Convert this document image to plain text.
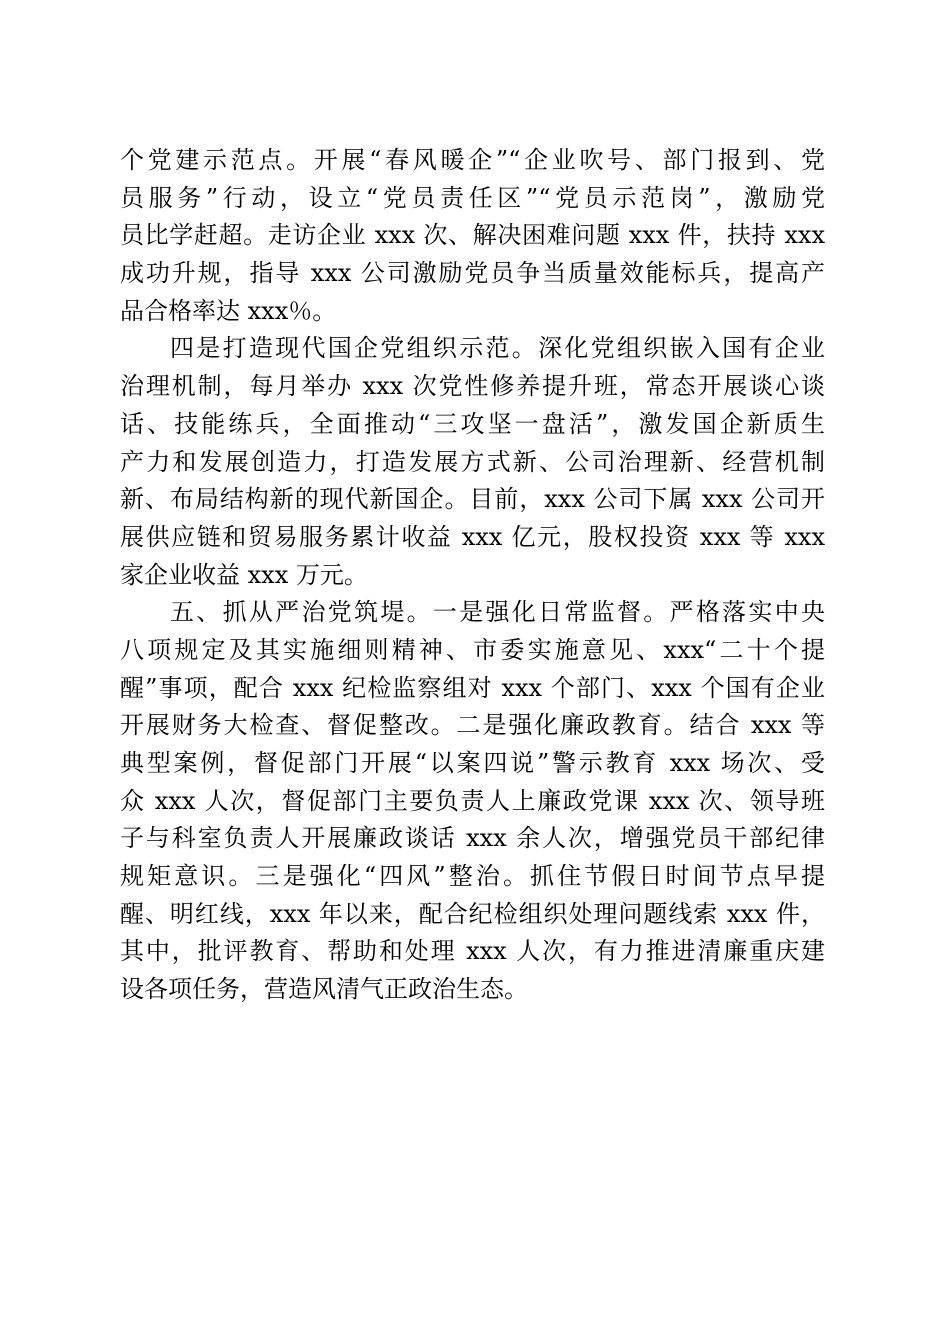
个党建示范点。开展“春风暖企”“企业吹号、部门报到、党
员服务”行动，设立“党员责任区”“党员示范岗”，激励党
员比学赶超。走访企业 xxx 次、解决困难问题 xxx 件，扶持 xxx
成功升规，指导 xxx 公司激励党员争当质量效能标兵，提高产
品合格率达 xxx％。
四是打造现代国企党组织示范。深化党组织嵌入国有企业
治理机制，每月举办 xxx 次党性修养提升班，常态开展谈心谈
话、技能练兵，全面推动“三攻坚一盘活”，激发国企新质生
产力和发展创造力，打造发展方式新、公司治理新、经营机制
新、布局结构新的现代新国企。目前，xxx 公司下属 xxx 公司开
展供应链和贸易服务累计收益 xxx 亿元，股权投资 xxx 等 xxx
家企业收益 xxx 万元。
五、抓从严治党筑堤。一是强化日常监督。严格落实中央
八项规定及其实施细则精神、市委实施意见、xxx“二十个提
醒”事项，配合 xxx 纪检监察组对 xxx 个部门、xxx 个国有企业
开展财务大检查、督促整改。二是强化廉政教育。结合 xxx 等
典型案例，督促部门开展“以案四说”警示教育 xxx 场次、受
众 xxx 人次，督促部门主要负责人上廉政党课 xxx 次、领导班
子与科室负责人开展廉政谈话 xxx 余人次，增强党员干部纪律
规矩意识。三是强化“四风”整治。抓住节假日时间节点早提
醒、明红线，xxx 年以来，配合纪检组织处理问题线索 xxx 件，
其中，批评教育、帮助和处理 xxx 人次，有力推进清廉重庆建
设各项任务，营造风清气正政治生态。
